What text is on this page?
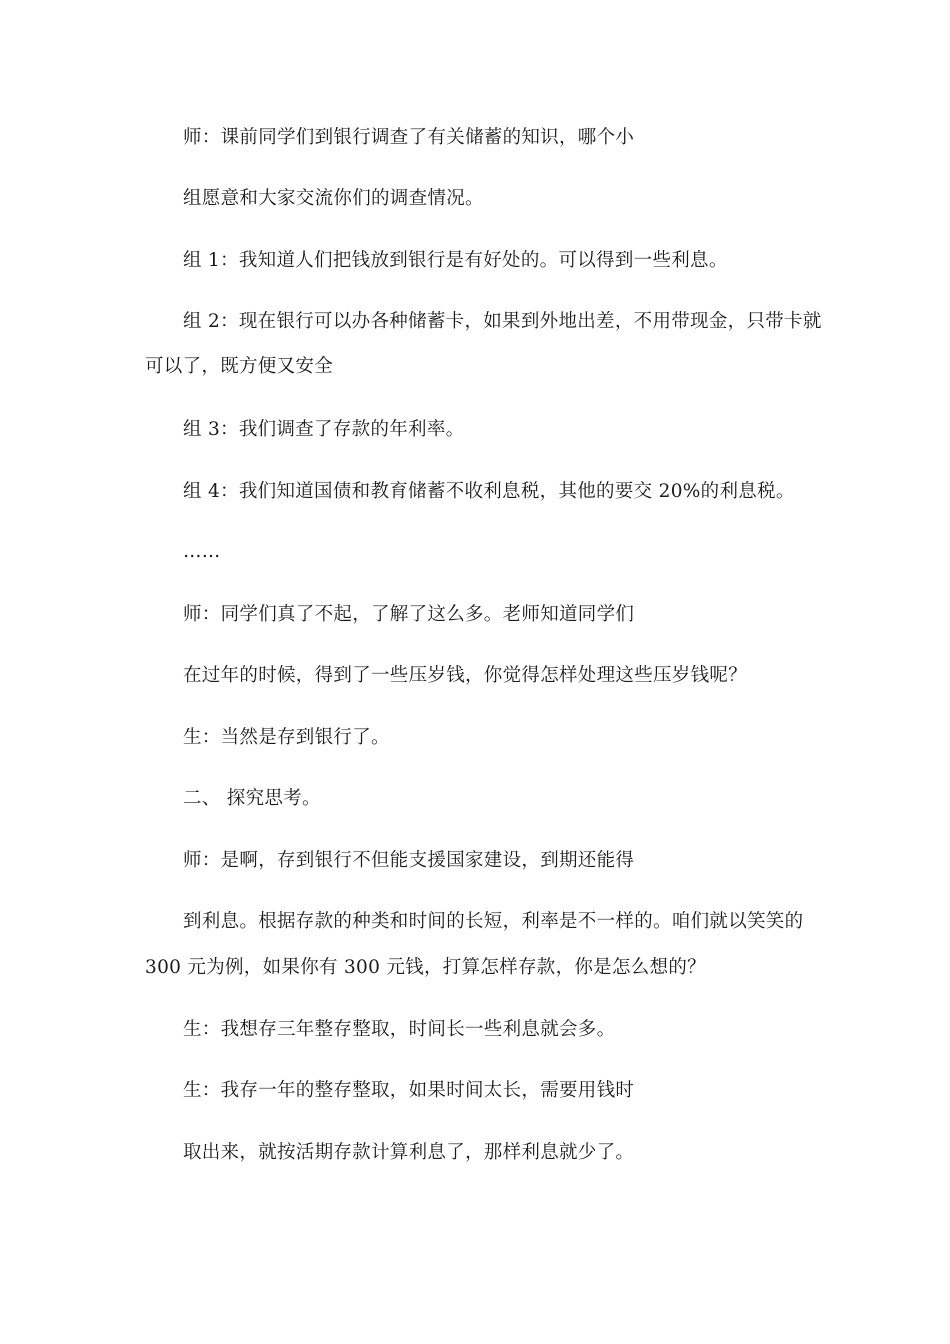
师：课前同学们到银行调查了有关储蓄的知识，哪个小
组愿意和大家交流你们的调查情况。
组 1：我知道人们把钱放到银行是有好处的。可以得到一些利息。
组 2：现在银行可以办各种储蓄卡，如果到外地出差，不用带现金，只带卡就
可以了，既方便又安全
组 3：我们调查了存款的年利率。
组 4：我们知道国债和教育储蓄不收利息税，其他的要交 20%的利息税。
……
师：同学们真了不起，了解了这么多。老师知道同学们
在过年的时候，得到了一些压岁钱，你觉得怎样处理这些压岁钱呢？
生：当然是存到银行了。
二、 探究思考。
师：是啊，存到银行不但能支援国家建设，到期还能得
到利息。根据存款的种类和时间的长短，利率是不一样的。咱们就以笑笑的
300 元为例，如果你有 300 元钱，打算怎样存款，你是怎么想的？
生：我想存三年整存整取，时间长一些利息就会多。
生：我存一年的整存整取，如果时间太长，需要用钱时
取出来，就按活期存款计算利息了，那样利息就少了。
